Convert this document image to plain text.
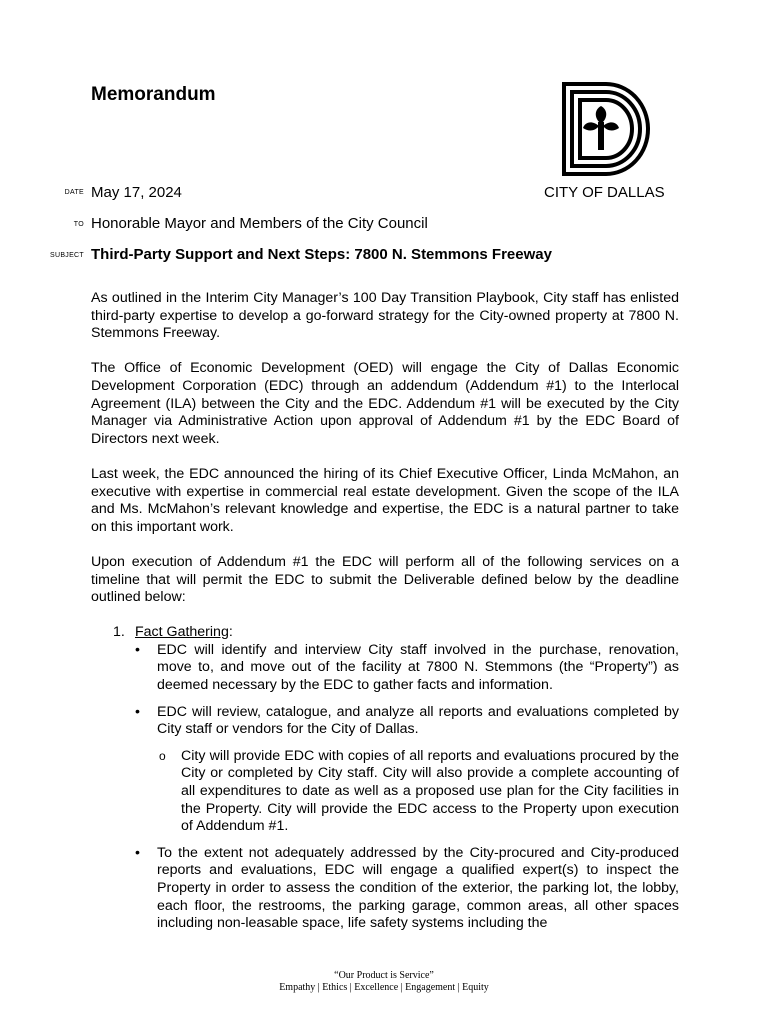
Memorandum
CITY OF DALLAS
DATE May 17, 2024
TO Honorable Mayor and Members of the City Council
SUBJECT Third-Party Support and Next Steps: 7800 N. Stemmons Freeway

As outlined in the Interim City Manager’s 100 Day Transition Playbook, City staff has enlisted third-party expertise to develop a go-forward strategy for the City-owned property at 7800 N. Stemmons Freeway.

The Office of Economic Development (OED) will engage the City of Dallas Economic Development Corporation (EDC) through an addendum (Addendum #1) to the Interlocal Agreement (ILA) between the City and the EDC. Addendum #1 will be executed by the City Manager via Administrative Action upon approval of Addendum #1 by the EDC Board of Directors next week.

Last week, the EDC announced the hiring of its Chief Executive Officer, Linda McMahon, an executive with expertise in commercial real estate development. Given the scope of the ILA and Ms. McMahon’s relevant knowledge and expertise, the EDC is a natural partner to take on this important work.

Upon execution of Addendum #1 the EDC will perform all of the following services on a timeline that will permit the EDC to submit the Deliverable defined below by the deadline outlined below:

1. Fact Gathering:
• EDC will identify and interview City staff involved in the purchase, renovation, move to, and move out of the facility at 7800 N. Stemmons (the “Property”) as deemed necessary by the EDC to gather facts and information.
• EDC will review, catalogue, and analyze all reports and evaluations completed by City staff or vendors for the City of Dallas.
o City will provide EDC with copies of all reports and evaluations procured by the City or completed by City staff. City will also provide a complete accounting of all expenditures to date as well as a proposed use plan for the City facilities in the Property. City will provide the EDC access to the Property upon execution of Addendum #1.
• To the extent not adequately addressed by the City-procured and City-produced reports and evaluations, EDC will engage a qualified expert(s) to inspect the Property in order to assess the condition of the exterior, the parking lot, the lobby, each floor, the restrooms, the parking garage, common areas, all other spaces including non-leasable space, life safety systems including the
“Our Product is Service”
Empathy | Ethics | Excellence | Engagement | Equity
